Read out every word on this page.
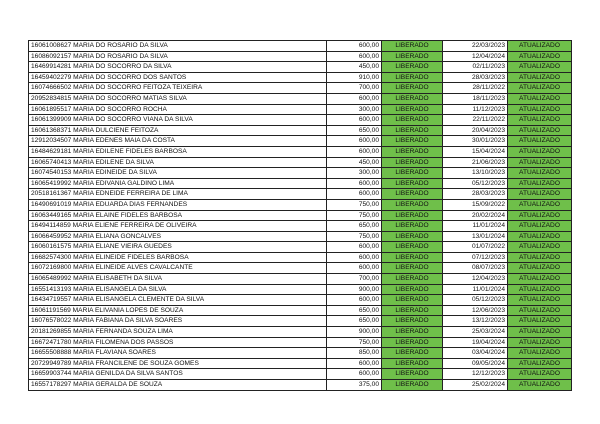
16061008627 MARIA DO ROSARIO DA SILVA	600,00	LIBERADO	22/03/2023	ATUALIZADO
16086092157 MARIA DO ROSARIO DA SILVA	600,00	LIBERADO	12/04/2024	ATUALIZADO
16469914281 MARIA DO SOCORRO DA SILVA	450,00	LIBERADO	02/11/2023	ATUALIZADO
16459402279 MARIA DO SOCORRO DOS SANTOS	910,00	LIBERADO	28/03/2023	ATUALIZADO
16074666502 MARIA DO SOCORRO FEITOZA TEIXEIRA	700,00	LIBERADO	28/11/2022	ATUALIZADO
20952834815 MARIA DO SOCORRO MATIAS SILVA	600,00	LIBERADO	18/11/2023	ATUALIZADO
16061895517 MARIA DO SOCORRO ROCHA	300,00	LIBERADO	11/12/2023	ATUALIZADO
16061399909 MARIA DO SOCORRO VIANA DA SILVA	600,00	LIBERADO	22/11/2022	ATUALIZADO
16061368371 MARIA DULCIENE FEITOZA	650,00	LIBERADO	20/04/2023	ATUALIZADO
12912034507 MARIA EDENES MAIA DA COSTA	600,00	LIBERADO	30/01/2023	ATUALIZADO
16484629181 MARIA EDILENE FIDELES BARBOSA	600,00	LIBERADO	15/04/2024	ATUALIZADO
16065740413 MARIA EDILENE DA SILVA	450,00	LIBERADO	21/06/2023	ATUALIZADO
16074540153 MARIA EDINEIDE DA SILVA	300,00	LIBERADO	13/10/2023	ATUALIZADO
16065419992 MARIA EDIVANIA GALDINO LIMA	600,00	LIBERADO	05/12/2023	ATUALIZADO
20518161367 MARIA EDNEIDE FERREIRA DE LIMA	600,00	LIBERADO	28/03/2023	ATUALIZADO
16490691019 MARIA EDUARDA DIAS FERNANDES	750,00	LIBERADO	15/09/2022	ATUALIZADO
16063449165 MARIA ELAINE FIDELES BARBOSA	750,00	LIBERADO	20/02/2024	ATUALIZADO
16494114859 MARIA ELIENE FERREIRA DE OLIVEIRA	650,00	LIBERADO	11/01/2024	ATUALIZADO
16066459952 MARIA ELIANA GONCALVES	750,00	LIBERADO	13/01/2024	ATUALIZADO
16060161575 MARIA ELIANE VIEIRA GUEDES	600,00	LIBERADO	01/07/2022	ATUALIZADO
16682574300 MARIA ELINEIDE FIDELES BARBOSA	600,00	LIBERADO	07/12/2023	ATUALIZADO
16072169800 MARIA ELINEIDE ALVES CAVALCANTE	600,00	LIBERADO	08/07/2023	ATUALIZADO
16065489992 MARIA ELISABETH DA SILVA	700,00	LIBERADO	12/04/2023	ATUALIZADO
16551413193 MARIA ELISANGELA DA SILVA	900,00	LIBERADO	11/01/2024	ATUALIZADO
16434719557 MARIA ELISANGELA CLEMENTE DA SILVA	600,00	LIBERADO	05/12/2023	ATUALIZADO
16061191569 MARIA ELIVANIA LOPES DE SOUZA	650,00	LIBERADO	12/06/2023	ATUALIZADO
16076578022 MARIA FABIANA DA SILVA SOARES	650,00	LIBERADO	13/12/2023	ATUALIZADO
20181269855 MARIA FERNANDA SOUZA LIMA	900,00	LIBERADO	25/03/2024	ATUALIZADO
16672471780 MARIA FILOMENA DOS PASSOS	750,00	LIBERADO	19/04/2024	ATUALIZADO
16655508888 MARIA FLAVIANA SOARES	850,00	LIBERADO	03/04/2024	ATUALIZADO
20729949789 MARIA FRANCILENE DE SOUZA GOMES	600,00	LIBERADO	09/05/2024	ATUALIZADO
16659903744 MARIA GENILDA DA SILVA SANTOS	600,00	LIBERADO	12/12/2023	ATUALIZADO
16557178297 MARIA GERALDA DE SOUZA	375,00	LIBERADO	25/02/2024	ATUALIZADO
